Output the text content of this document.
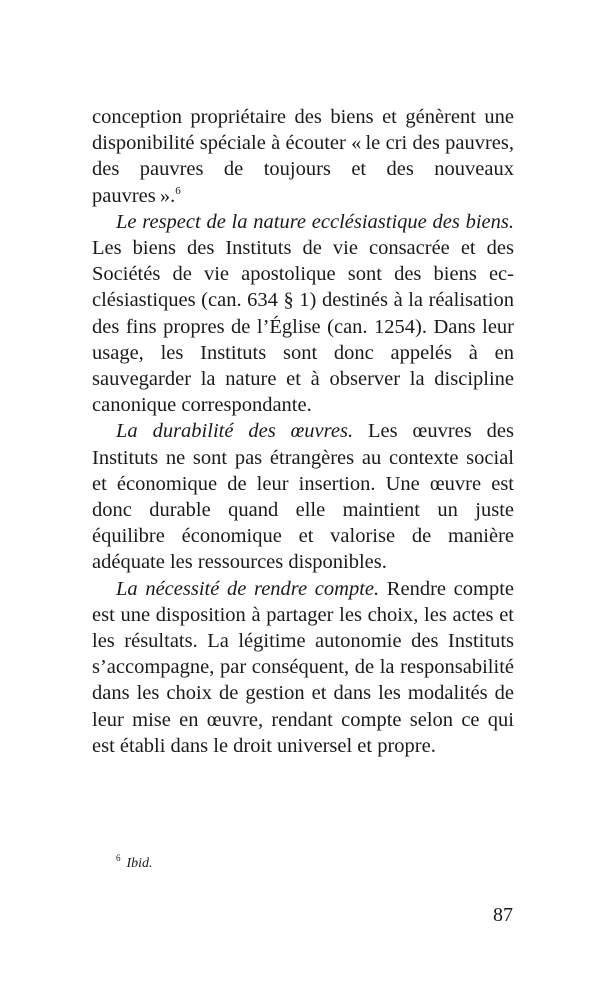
conception propriétaire des biens et génèrent une disponibilité spéciale à écouter « le cri des pauvres, des pauvres de toujours et des nouveaux pauvres ».$^6$

Le respect de la nature ecclésiastique des biens. Les biens des Instituts de vie consacrée et des Sociétés de vie apostolique sont des biens ecclésiastiques (can. 634 § 1) destinés à la réalisation des fins propres de l’Église (can. 1254). Dans leur usage, les Instituts sont donc appelés à en sauvegarder la nature et à observer la discipline canonique correspondante.

La durabilité des œuvres. Les œuvres des Instituts ne sont pas étrangères au contexte social et économique de leur insertion. Une œuvre est donc durable quand elle maintient un juste équilibre économique et valorise de manière adéquate les ressources disponibles.

La nécessité de rendre compte. Rendre compte est une disposition à partager les choix, les actes et les résultats. La légitime autonomie des Instituts s’accompagne, par conséquent, de la responsabilité dans les choix de gestion et dans les modalités de leur mise en œuvre, rendant compte selon ce qui est établi dans le droit universel et propre.

$^6$ Ibid.
87
